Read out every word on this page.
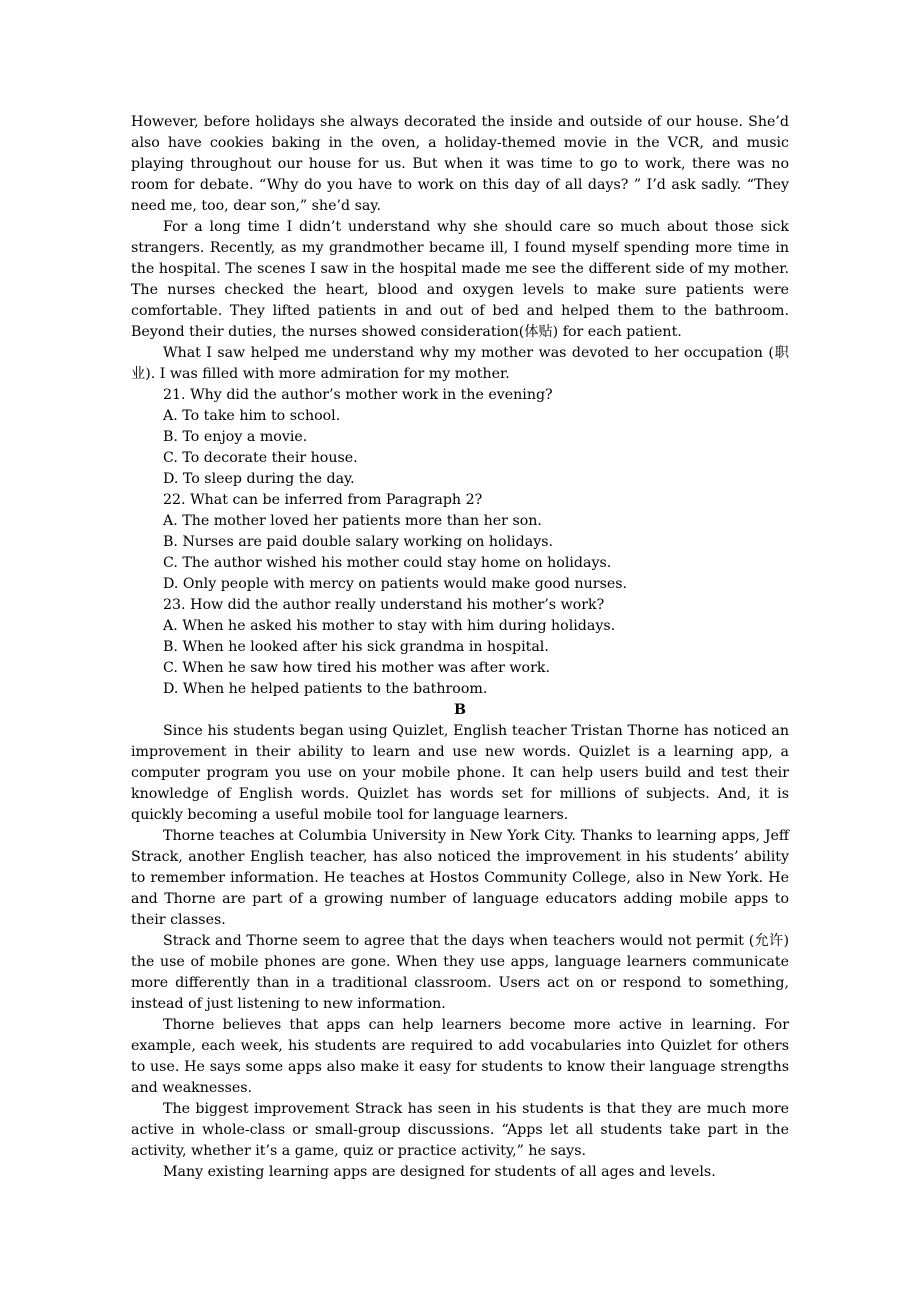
However, before holidays she always decorated the inside and outside of our house. She’d also have cookies baking in the oven, a holiday-themed movie in the VCR, and music playing throughout our house for us. But when it was time to go to work, there was no room for debate. “Why do you have to work on this day of all days? ” I’d ask sadly. “They need me, too, dear son,” she’d say.

For a long time I didn’t understand why she should care so much about those sick strangers. Recently, as my grandmother became ill, I found myself spending more time in the hospital. The scenes I saw in the hospital made me see the different side of my mother. The nurses checked the heart, blood and oxygen levels to make sure patients were comfortable. They lifted patients in and out of bed and helped them to the bathroom. Beyond their duties, the nurses showed consideration(体贴) for each patient.

What I saw helped me understand why my mother was devoted to her occupation (职业). I was filled with more admiration for my mother.

21. Why did the author’s mother work in the evening?

A. To take him to school.

B. To enjoy a movie.

C. To decorate their house.

D. To sleep during the day.

22. What can be inferred from Paragraph 2?

A. The mother loved her patients more than her son.

B. Nurses are paid double salary working on holidays.

C. The author wished his mother could stay home on holidays.

D. Only people with mercy on patients would make good nurses.

23. How did the author really understand his mother’s work?

A. When he asked his mother to stay with him during holidays.

B. When he looked after his sick grandma in hospital.

C. When he saw how tired his mother was after work.

D. When he helped patients to the bathroom.

B

Since his students began using Quizlet, English teacher Tristan Thorne has noticed an improvement in their ability to learn and use new words. Quizlet is a learning app, a computer program you use on your mobile phone. It can help users build and test their knowledge of English words. Quizlet has words set for millions of subjects. And, it is quickly becoming a useful mobile tool for language learners.

Thorne teaches at Columbia University in New York City. Thanks to learning apps, Jeff Strack, another English teacher, has also noticed the improvement in his students’ ability to remember information. He teaches at Hostos Community College, also in New York. He and Thorne are part of a growing number of language educators adding mobile apps to their classes.

Strack and Thorne seem to agree that the days when teachers would not permit (允许) the use of mobile phones are gone. When they use apps, language learners communicate more differently than in a traditional classroom. Users act on or respond to something, instead of just listening to new information.

Thorne believes that apps can help learners become more active in learning. For example, each week, his students are required to add vocabularies into Quizlet for others to use. He says some apps also make it easy for students to know their language strengths and weaknesses.

The biggest improvement Strack has seen in his students is that they are much more active in whole-class or small-group discussions. “Apps let all students take part in the activity, whether it’s a game, quiz or practice activity,” he says.

Many existing learning apps are designed for students of all ages and levels.
